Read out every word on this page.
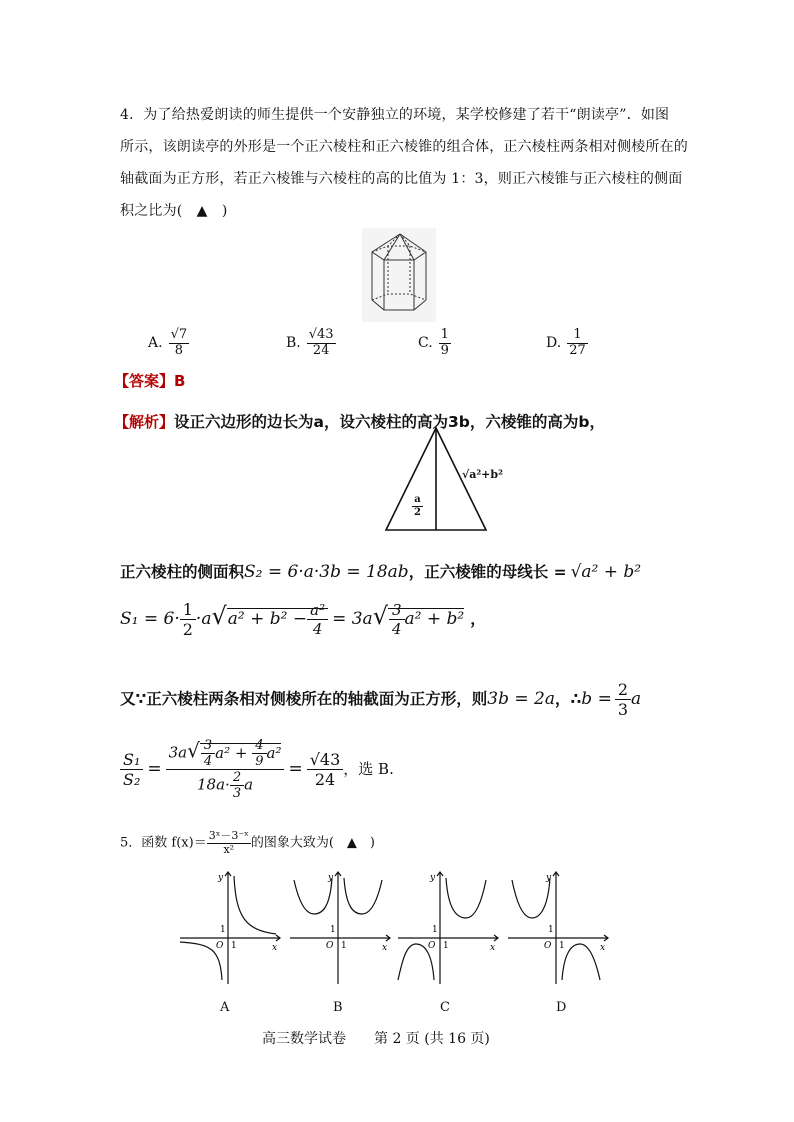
4．为了给热爱朗读的师生提供一个安静独立的环境，某学校修建了若干“朗读亭”．如图
所示，该朗读亭的外形是一个正六棱柱和正六棱锥的组合体，正六棱柱两条相对侧棱所在的
轴截面为正方形，若正六棱锥与六棱柱的高的比值为 1：3，则正六棱锥与正六棱柱的侧面
积之比为(　▲　)
A. $\frac{√7}{8}$	B. $\frac{√43}{24}$	C. $\frac{1}{9}$	D. $\frac{1}{27}$
【答案】B
【解析】设正六边形的边长为a，设六棱柱的高为3b，六棱锥的高为b，
√a²+b²
$\frac{a}{2}$
正六棱柱的侧面积S₂ = 6·a·3b = 18ab，正六棱锥的母线长 = √a² + b²
$S_1 = 6\cdot \frac{1}{2} \cdot a√a^2 + b^2 - \frac{\text{a²}}{4} = 3a√ \frac{3}{4} a^2 + b^2$ ，
又∵正六棱柱两条相对侧棱所在的轴截面为正方形，则3b = 2a，∴b = $\frac{2}{3}$ a
$\frac{\text{S₁}}{\text{S₂}} = \frac{3a√ \frac{3}{4} a^2 + \frac{4}{9} a^2}{18a\cdot \frac{2}{3} a} = \frac{√43}{24}$ ，选 B.
5．函数 $f(x)= \frac{\text{3ˣ－3⁻ˣ}}{\text{x²}}$ 的图象大致为(　▲　)
O 1
1
y
x	O 1
1
y
x	O 1
1
y
x	O 1
1
y
x
A	B	C	D
高三数学试卷　　第 2 页 (共 16 页)
